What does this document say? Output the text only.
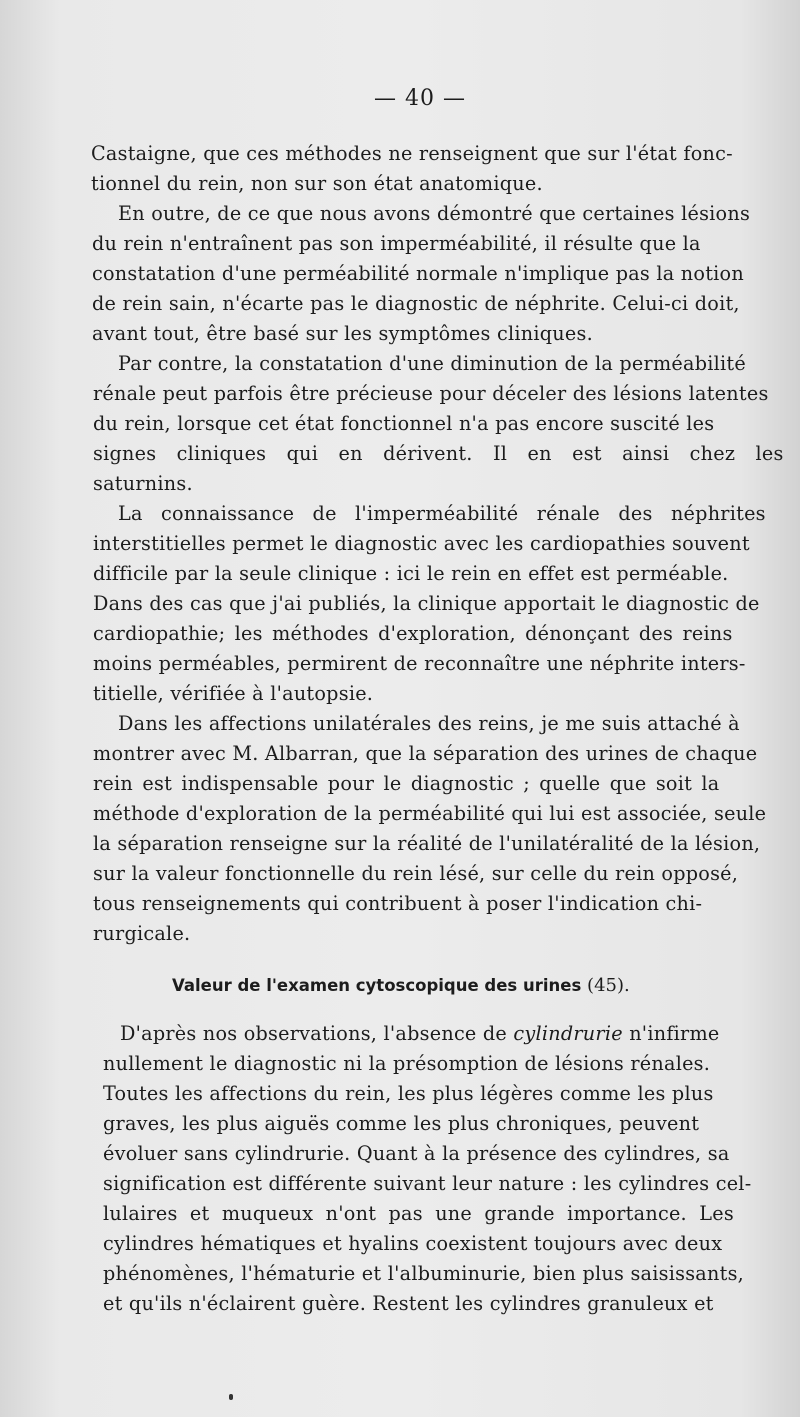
— 40 —
Castaigne, que ces méthodes ne renseignent que sur l'état fonc-
tionnel du rein, non sur son état anatomique.
En outre, de ce que nous avons démontré que certaines lésions
du rein n'entraînent pas son imperméabilité, il résulte que la
constatation d'une perméabilité normale n'implique pas la notion
de rein sain, n'écarte pas le diagnostic de néphrite. Celui-ci doit,
avant tout, être basé sur les symptômes cliniques.
Par contre, la constatation d'une diminution de la perméabilité
rénale peut parfois être précieuse pour déceler des lésions latentes
du rein, lorsque cet état fonctionnel n'a pas encore suscité les
signes cliniques qui en dérivent. Il en est ainsi chez les
saturnins.
La connaissance de l'imperméabilité rénale des néphrites
interstitielles permet le diagnostic avec les cardiopathies souvent
difficile par la seule clinique : ici le rein en effet est perméable.
Dans des cas que j'ai publiés, la clinique apportait le diagnostic de
cardiopathie; les méthodes d'exploration, dénonçant des reins
moins perméables, permirent de reconnaître une néphrite inters-
titielle, vérifiée à l'autopsie.
Dans les affections unilatérales des reins, je me suis attaché à
montrer avec M. Albarran, que la séparation des urines de chaque
rein est indispensable pour le diagnostic ; quelle que soit la
méthode d'exploration de la perméabilité qui lui est associée, seule
la séparation renseigne sur la réalité de l'unilatéralité de la lésion,
sur la valeur fonctionnelle du rein lésé, sur celle du rein opposé,
tous renseignements qui contribuent à poser l'indication chi-
rurgicale.
Valeur de l'examen cytoscopique des urines (45).
D'après nos observations, l'absence de cylindrurie n'infirme
nullement le diagnostic ni la présomption de lésions rénales.
Toutes les affections du rein, les plus légères comme les plus
graves, les plus aiguës comme les plus chroniques, peuvent
évoluer sans cylindrurie. Quant à la présence des cylindres, sa
signification est différente suivant leur nature : les cylindres cel-
lulaires et muqueux n'ont pas une grande importance. Les
cylindres hématiques et hyalins coexistent toujours avec deux
phénomènes, l'hématurie et l'albuminurie, bien plus saisissants,
et qu'ils n'éclairent guère. Restent les cylindres granuleux et
